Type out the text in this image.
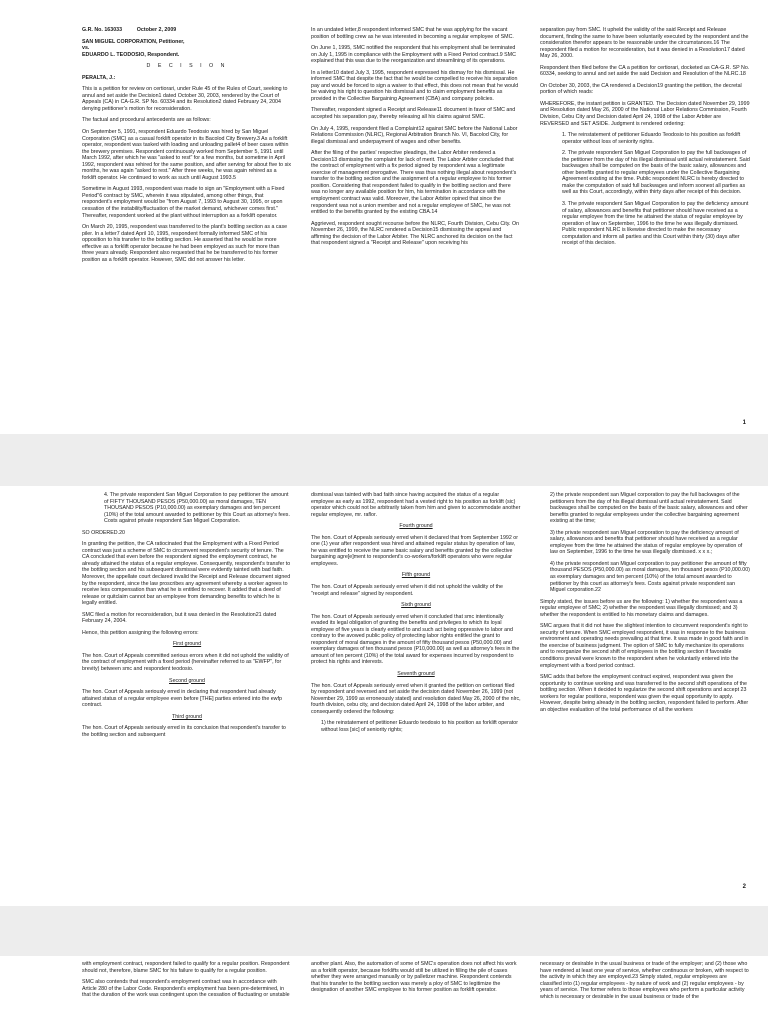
G.R. No. 163033          October 2, 2009

SAN MIGUEL CORPORATION, Petitioner,
vs.
EDUARDO L. TEODOSIO, Respondent.

D E C I S I O N

PERALTA, J.:

This is a petition for review on certiorari, under Rule 45 of the Rules of Court, seeking to annul and set aside the Decision1 dated October 30, 2003, rendered by the Court of Appeals (CA) in CA-G.R. SP No. 60334 and its Resolution2 dated February 24, 2004 denying petitioner's motion for reconsideration.

The factual and procedural antecedents are as follows:

On September 5, 1991, respondent Eduardo Teodosio was hired by San Miguel Corporation (SMC) as a casual forklift operator in its Bacolod City Brewery.3 As a forklift operator, respondent was tasked with loading and unloading pallet4 of beer cases within the brewery premises. Respondent continuously worked from September 5, 1991 until March 1992, after which he was "asked to rest" for a few months, but sometime in April 1992, respondent was rehired for the same position, and after serving for about five to six months, he was again "asked to rest." After three weeks, he was again rehired as a forklift operator. He continued to work as such until August 1993.5

Sometime in August 1993, respondent was made to sign an "Employment with a Fixed Period"6 contract by SMC, wherein it was stipulated, among other things, that respondent's employment would be "from August 7, 1993 to August 30, 1995, or upon cessation of the instability/fluctuation of the market demand, whichever comes first." Thereafter, respondent worked at the plant without interruption as a forklift operator.

On March 20, 1995, respondent was transferred to the plant's bottling section as a case piler. In a letter7 dated April 10, 1995, respondent formally informed SMC of his opposition to his transfer to the bottling section. He asserted that he would be more effective as a forklift operator because he had been employed as such for more than three years already. Respondent also requested that he be transferred to his former position as a forklift operator. However, SMC did not answer his letter.

In an undated letter,8 respondent informed SMC that he was applying for the vacant position of bottling crew as he was interested in becoming a regular employee of SMC.

On June 1, 1995, SMC notified the respondent that his employment shall be terminated on July 1, 1995 in compliance with the Employment with a Fixed Period contract.9 SMC explained that this was due to the reorganization and streamlining of its operations.

In a letter10 dated July 3, 1995, respondent expressed his dismay for his dismissal. He informed SMC that despite the fact that he would be compelled to receive his separation pay and would be forced to sign a waiver to that effect, this does not mean that he would be waiving his right to question his dismissal and to claim employment benefits as provided in the Collective Bargaining Agreement (CBA) and company policies.

Thereafter, respondent signed a Receipt and Release11 document in favor of SMC and accepted his separation pay, thereby releasing all his claims against SMC.

On July 4, 1995, respondent filed a Complaint12 against SMC before the National Labor Relations Commission (NLRC), Regional Arbitration Branch No. VI, Bacolod City, for illegal dismissal and underpayment of wages and other benefits.

After the filing of the parties' respective pleadings, the Labor Arbiter rendered a Decision13 dismissing the complaint for lack of merit. The Labor Arbiter concluded that the contract of employment with a fix period signed by respondent was a legitimate exercise of management prerogative. There was thus nothing illegal about respondent's transfer to the bottling section and the assignment of a regular employee to his former position. Considering that respondent failed to qualify in the bottling section and there was no longer any available position for him, his termination in accordance with the employment contract was valid. Moreover, the Labor Arbiter opined that since the respondent was not a union member and not a regular employee of SMC, he was not entitled to the benefits granted by the existing CBA.14

Aggrieved, respondent sought recourse before the NLRC, Fourth Division, Cebu City. On November 26, 1999, the NLRC rendered a Decision15 dismissing the appeal and affirming the decision of the Labor Arbiter. The NLRC anchored its decision on the fact that respondent signed a "Receipt and Release" upon receiving his

separation pay from SMC. It upheld the validity of the said Receipt and Release document, finding the same to have been voluntarily executed by the respondent and the consideration therefor appears to be reasonable under the circumstances.16 The respondent filed a motion for reconsideration, but it was denied in a Resolution17 dated May 26, 2000.

Respondent then filed before the CA a petition for certiorari, docketed as CA-G.R. SP No. 60334, seeking to annul and set aside the said Decision and Resolution of the NLRC.18

On October 30, 2003, the CA rendered a Decision19 granting the petition, the decretal portion of which reads:

WHEREFORE, the instant petition is GRANTED. The Decision dated November 29, 1999 and Resolution dated May 26, 2000 of the National Labor Relations Commission, Fourth Division, Cebu City and Decision dated April 24, 1998 of the Labor Arbiter are REVERSED and SET ASIDE. Judgment is rendered ordering:

1. The reinstatement of petitioner Eduardo Teodosio to his position as forklift operator without loss of seniority rights.

2. The private respondent San Miguel Corporation to pay the full backwages of the petitioner from the day of his illegal dismissal until actual reinstatement. Said backwages shall be computed on the basis of the basic salary, allowances and other benefits granted to regular employees under the Collective Bargaining Agreement existing at the time. Public respondent NLRC is hereby directed to make the computation of said full backwages and inform soonest all parties as well as this Court, accordingly, within thirty days after receipt of this decision.

3. The private respondent San Miguel Corporation to pay the deficiency amount of salary, allowances and benefits that petitioner should have received as a regular employee from the time he attained the status of regular employee by operation of law on September, 1996 to the time he was illegally dismissed. Public respondent NLRC is likewise directed to make the necessary computation and inform all parties and this Court within thirty (30) days after receipt of this decision.

1

4. The private respondent San Miguel Corporation to pay petitioner the amount of FIFTY THOUSAND PESOS (P50,000.00) as moral damages, TEN THOUSAND PESOS (P10,000.00) as exemplary damages and ten percent (10%) of the total amount awarded to petitioner by this Court as attorney's fees. Costs against private respondent San Miguel Corporation.

SO ORDERED.20

In granting the petition, the CA ratiocinated that the Employment with a Fixed Period contract was just a scheme of SMC to circumvent respondent's security of tenure. The CA concluded that even before the respondent signed the employment contract, he already attained the status of a regular employee. Consequently, respondent's transfer to the bottling section and his subsequent dismissal were evidently tainted with bad faith. Moreover, the appellate court declared invalid the Receipt and Release document signed by the respondent, since the law proscribes any agreement whereby a worker agrees to receive less compensation than what he is entitled to recover. It added that a deed of release or quitclaim cannot bar an employee from demanding benefits to which he is legally entitled.

SMC filed a motion for reconsideration, but it was denied in the Resolution21 dated February 24, 2004.

Hence, this petition assigning the following errors:

First ground

The hon. Court of Appeals committed serious errors when it did not uphold the validity of the contract of employment with a fixed period (hereinafter referred to as "EWFP", for brevity) between smc and respondent teodosio.

Second ground

The hon. Court of Appeals seriously erred in declaring that respondent had already attained status of a regular employee even before [THE] parties entered into the ewfp contract.

Third ground

The hon. Court of Appeals seriously erred in its conclusion that respondent's transfer to the bottling section and subsequent

dismissal was tainted with bad faith since having acquired the status of a regular employee as early as 1992, respondent had a vested right to his position as forklift (sic) operator which could not be arbitrarily taken from him and given to accommodate another regular employee, mr. raflor.

Fourth ground

The hon. Court of Appeals seriously erred when it declared that from September 1992 or one (1) year after respondent was hired and attained regular status by operation of law, he was entitled to receive the same basic salary and benefits granted by the collective bargaining agre[e]ment to respondent's co-workers/forklift operators who were regular employees.

Fifth ground

The hon. Court of Appeals seriously erred when it did not uphold the validity of the "receipt and release" signed by respondent.

Sixth ground

The hon. Court of Appeals seriously erred when it concluded that smc intentionally evaded its legal obligation of granting the benefits and privileges to which its loyal employee of five years is clearly entitled to and such act being oppressive to labor and contrary to the avowed public policy of protecting labor rights entitled the grant to respondent of moral damages in the amount of fifty thousand pesos (P50,000.00) and exemplary damages of ten thousand pesos (P10,000.00) as well as attorney's fees in the amount of ten percent (10%) of the total award for expenses incurred by respondent to protect his rights and interests.

Seventh ground

The hon. Court of Appeals seriously erred when it granted the petition on certiorari filed by respondent and reversed and set aside the decision dated November 26, 1999 (not November 29, 1999 as erroneously stated) and resolution dated May 26, 2000 of the nlrc, fourth division, cebu city, and decision dated April 24, 1998 of the labor arbiter, and consequently ordered the following:

1) the reinstatement of petitioner Eduardo teodosio to his position as forklift operator without loss [sic] of seniority rights;

2) the private respondent san Miguel corporation to pay the full backwages of the petitioners from the day of his illegal dismissal until actual reinstatement. Said backwages shall be computed on the basis of the basic salary, allowances and other benefits granted to regular employees under the collective bargaining agreement existing at the time;

3) the private respondent san Miguel corporation to pay the deficiency amount of salary, allowances and benefits that petitioner should have received as a regular employee from the time he attained the status of regular employee by operation of law on September, 1996 to the time he was illegally dismissed. x x x.;

4) the private respondent san Miguel corporation to pay petitioner the amount of fifty thousand PESOS (P50,000.00) as moral damages, ten thousand pesos (P10,000.00) as exemplary damages and ten percent (10%) of the total amount awarded to petitioner by this court as attorney's fees. Costs against private respondent san Miguel corporation.22

Simply stated, the issues before us are the following: 1) whether the respondent was a regular employee of SMC; 2) whether the respondent was illegally dismissed; and 3) whether the respondent is entitled to his monetary claims and damages.

SMC argues that it did not have the slightest intention to circumvent respondent's right to security of tenure. When SMC employed respondent, it was in response to the business environment and operating needs prevailing at that time. It was made in good faith and in the exercise of business judgment. The option of SMC to fully mechanize its operations and to reorganize the second shift of employees in the bottling section if favorable conditions prevail were known to the respondent when he voluntarily entered into the employment with a fixed period contract.

SMC adds that before the employment contract expired, respondent was given the opportunity to continue working and was transferred to the second shift operations of the bottling section. When it decided to regularize the second shift operations and accept 23 workers for regular positions, respondent was given the equal opportunity to apply. However, despite being already in the bottling section, respondent failed to perform. After an objective evaluation of the total performance of all the workers

2

with employment contract, respondent failed to qualify for a regular position. Respondent should not, therefore, blame SMC for his failure to qualify for a regular position.

SMC also contends that respondent's employment contract was in accordance with Article 280 of the Labor Code. Respondent's employment has been pre-determined, in that the duration of the work was contingent upon the cessation of fluctuating or unstable

another plant. Also, the automation of some of SMC's operation does not affect his work as a forklift operator, because forklifts would still be utilized in filling the pile of cases whether they were arranged manually or by palletizer machine. Respondent contends that his transfer to the bottling section was merely a ploy of SMC to legitimize the designation of another SMC employee to his former position as forklift operator.

necessary or desirable in the usual business or trade of the employer; and (2) those who have rendered at least one year of service, whether continuous or broken, with respect to the activity in which they are employed.23 Simply stated, regular employees are classified into (1) regular employees - by nature of work and (2) regular employees - by years of service. The former refers to those employees who perform a particular activity which is necessary or desirable in the usual business or trade of the
